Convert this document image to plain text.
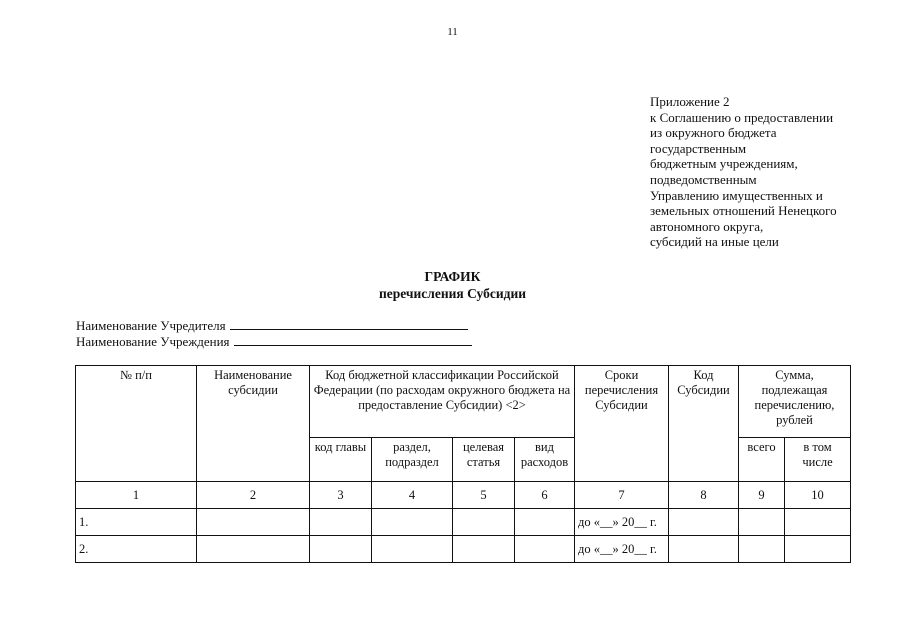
11
Приложение 2
к Соглашению о предоставлении
из окружного бюджета
государственным
бюджетным учреждениям,
подведомственным
Управлению имущественных и
земельных отношений Ненецкого
автономного округа,
субсидий на иные цели
ГРАФИК
перечисления Субсидии
Наименование Учредителя
Наименование Учреждения
№ п/п	Наименование субсидии	Код бюджетной классификации Российской Федерации (по расходам окружного бюджета на предоставление Субсидии) <2>				Сроки перечисления Субсидии	Код Субсидии	Сумма, подлежащая перечислению, рублей	
		код главы	раздел, подраздел	целевая статья	вид расходов			всего	в том числе
1	2	3	4	5	6	7	8	9	10
1.						до «__» 20__ г.			
2.						до «__» 20__ г.			
